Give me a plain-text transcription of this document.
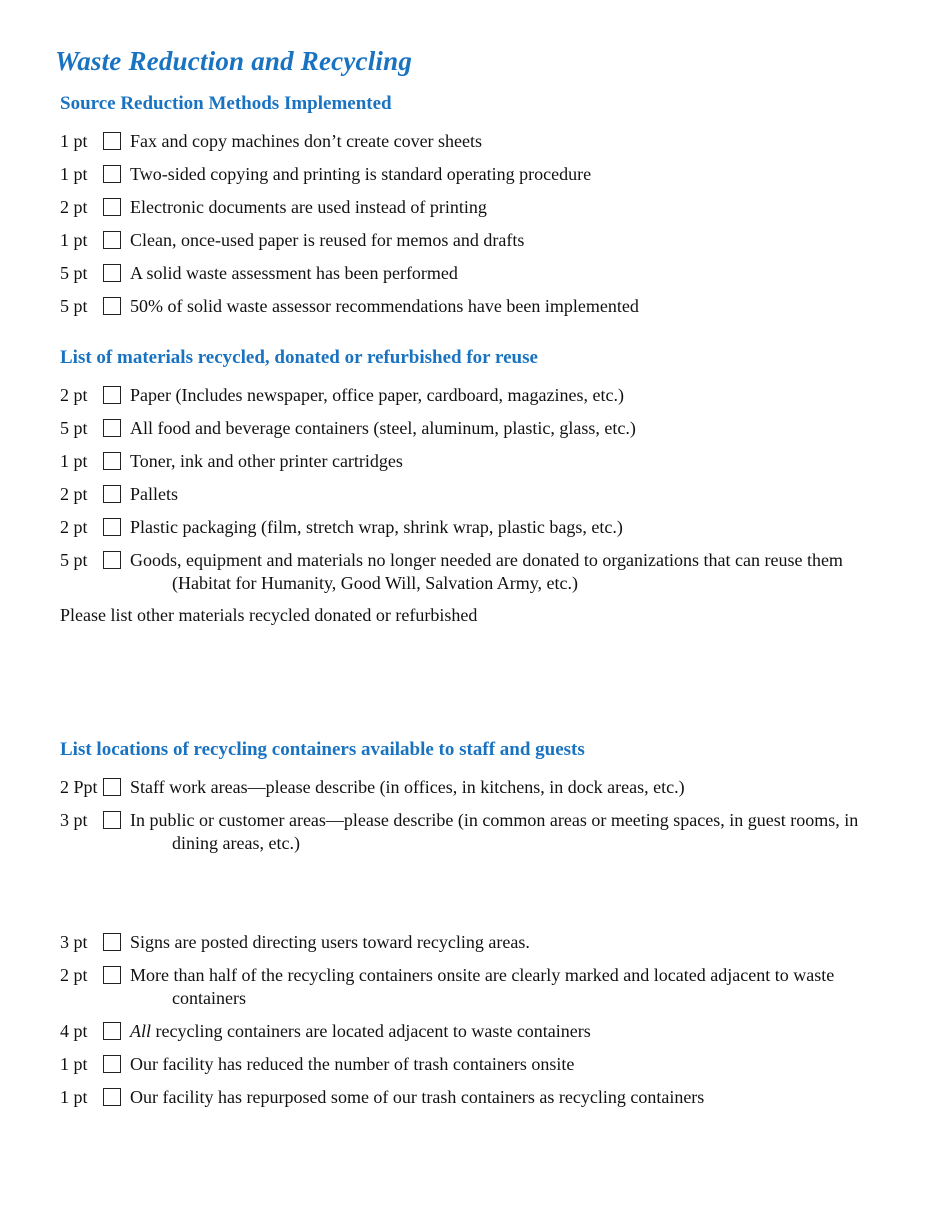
Waste Reduction and Recycling
Source Reduction Methods Implemented
1 pt Fax and copy machines don’t create cover sheets
1 pt Two-sided copying and printing is standard operating procedure
2 pt Electronic documents are used instead of printing
1 pt Clean, once-used paper is reused for memos and drafts
5 pt A solid waste assessment has been performed
5 pt 50% of solid waste assessor recommendations have been implemented
List of materials recycled, donated or refurbished for reuse
2 pt Paper (Includes newspaper, office paper, cardboard, magazines, etc.)
5 pt All food and beverage containers (steel, aluminum, plastic, glass, etc.)
1 pt Toner, ink and other printer cartridges
2 pt Pallets
2 pt Plastic packaging (film, stretch wrap, shrink wrap, plastic bags, etc.)
5 pt Goods, equipment and materials no longer needed are donated to organizations that can reuse them
(Habitat for Humanity, Good Will, Salvation Army, etc.)
Please list other materials recycled donated or refurbished
List locations of recycling containers available to staff and guests
2 Ppt Staff work areas—please describe (in offices, in kitchens, in dock areas, etc.)
3 pt In public or customer areas—please describe (in common areas or meeting spaces, in guest rooms, in
dining areas, etc.)
3 pt Signs are posted directing users toward recycling areas.
2 pt More than half of the recycling containers onsite are clearly marked and located adjacent to waste
containers
4 pt All recycling containers are located adjacent to waste containers
1 pt Our facility has reduced the number of trash containers onsite
1 pt Our facility has repurposed some of our trash containers as recycling containers
